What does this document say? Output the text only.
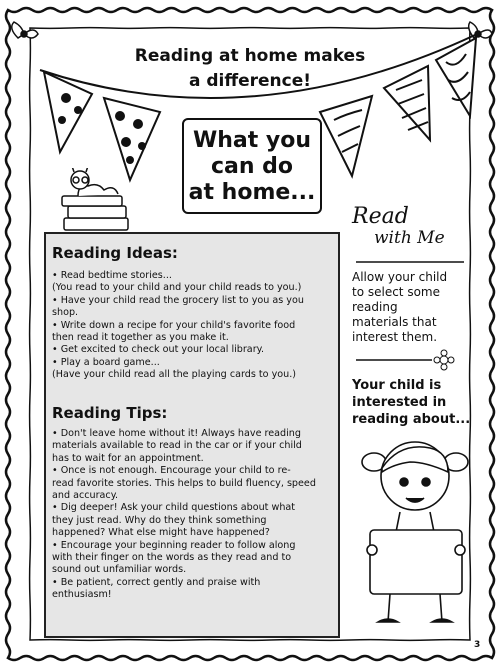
Reading at home makes
a difference!
What you
can do
at home...
Read
with Me
Reading Ideas:
• Read bedtime stories...
(You read to your child and your child reads to you.)
• Have your child read the grocery list to you as you
shop.
• Write down a recipe for your child's favorite food
then read it together as you make it.
• Get excited to check out your local library.
• Play a board game...
(Have your child read all the playing cards to you.)
Reading Tips:
• Don't leave home without it! Always have reading
materials available to read in the car or if your child
has to wait for an appointment.
• Once is not enough. Encourage your child to re-
read favorite stories. This helps to build fluency, speed
and accuracy.
• Dig deeper! Ask your child questions about what
they just read. Why do they think something
happened? What else might have happened?
• Encourage your beginning reader to follow along
with their finger on the words as they read and to
sound out unfamiliar words.
• Be patient, correct gently and praise with
enthusiasm!
Allow your child
to select some
reading
materials that
interest them.
Your child is
interested in
reading about...
3
